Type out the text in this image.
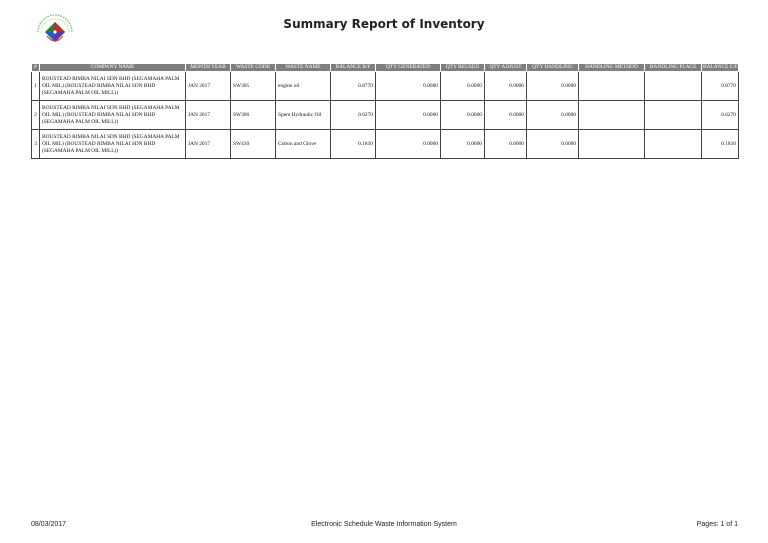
Summary Report of Inventory
#	COMPANY NAME	MONTH YEAR	WASTE CODE	WASTE NAME	BALANCE B/F	QTY GENERATED	QTY REUSED	QTY ADJUST	QTY HANDLING	HANDLING METHOD	HANDLING PLACE	BALANCE C/F
1	BOUSTEAD RIMBA NILAI SDN BHD (SEGAMAHA PALM OIL MIL) (BOUSTEAD RIMBA NILAI SDN BHD (SEGAMAHA PALM OIL MILL))	JAN 2017	SW305	engine oil	0.8770	0.0000	0.0000	0.0000	0.0000			0.8770
2	BOUSTEAD RIMBA NILAI SDN BHD (SEGAMAHA PALM OIL MIL) (BOUSTEAD RIMBA NILAI SDN BHD (SEGAMAHA PALM OIL MILL))	JAN 2017	SW306	Spent Hydraulic Oil	0.6270	0.0000	0.0000	0.0000	0.0000			0.6270
3	BOUSTEAD RIMBA NILAI SDN BHD (SEGAMAHA PALM OIL MIL) (BOUSTEAD RIMBA NILAI SDN BHD (SEGAMAHA PALM OIL MILL))	JAN 2017	SW410	Cotton and Glove	0.1810	0.0000	0.0000	0.0000	0.0000			0.1810
08/03/2017	Electronic Schedule Waste Information System	Pages: 1 of 1
